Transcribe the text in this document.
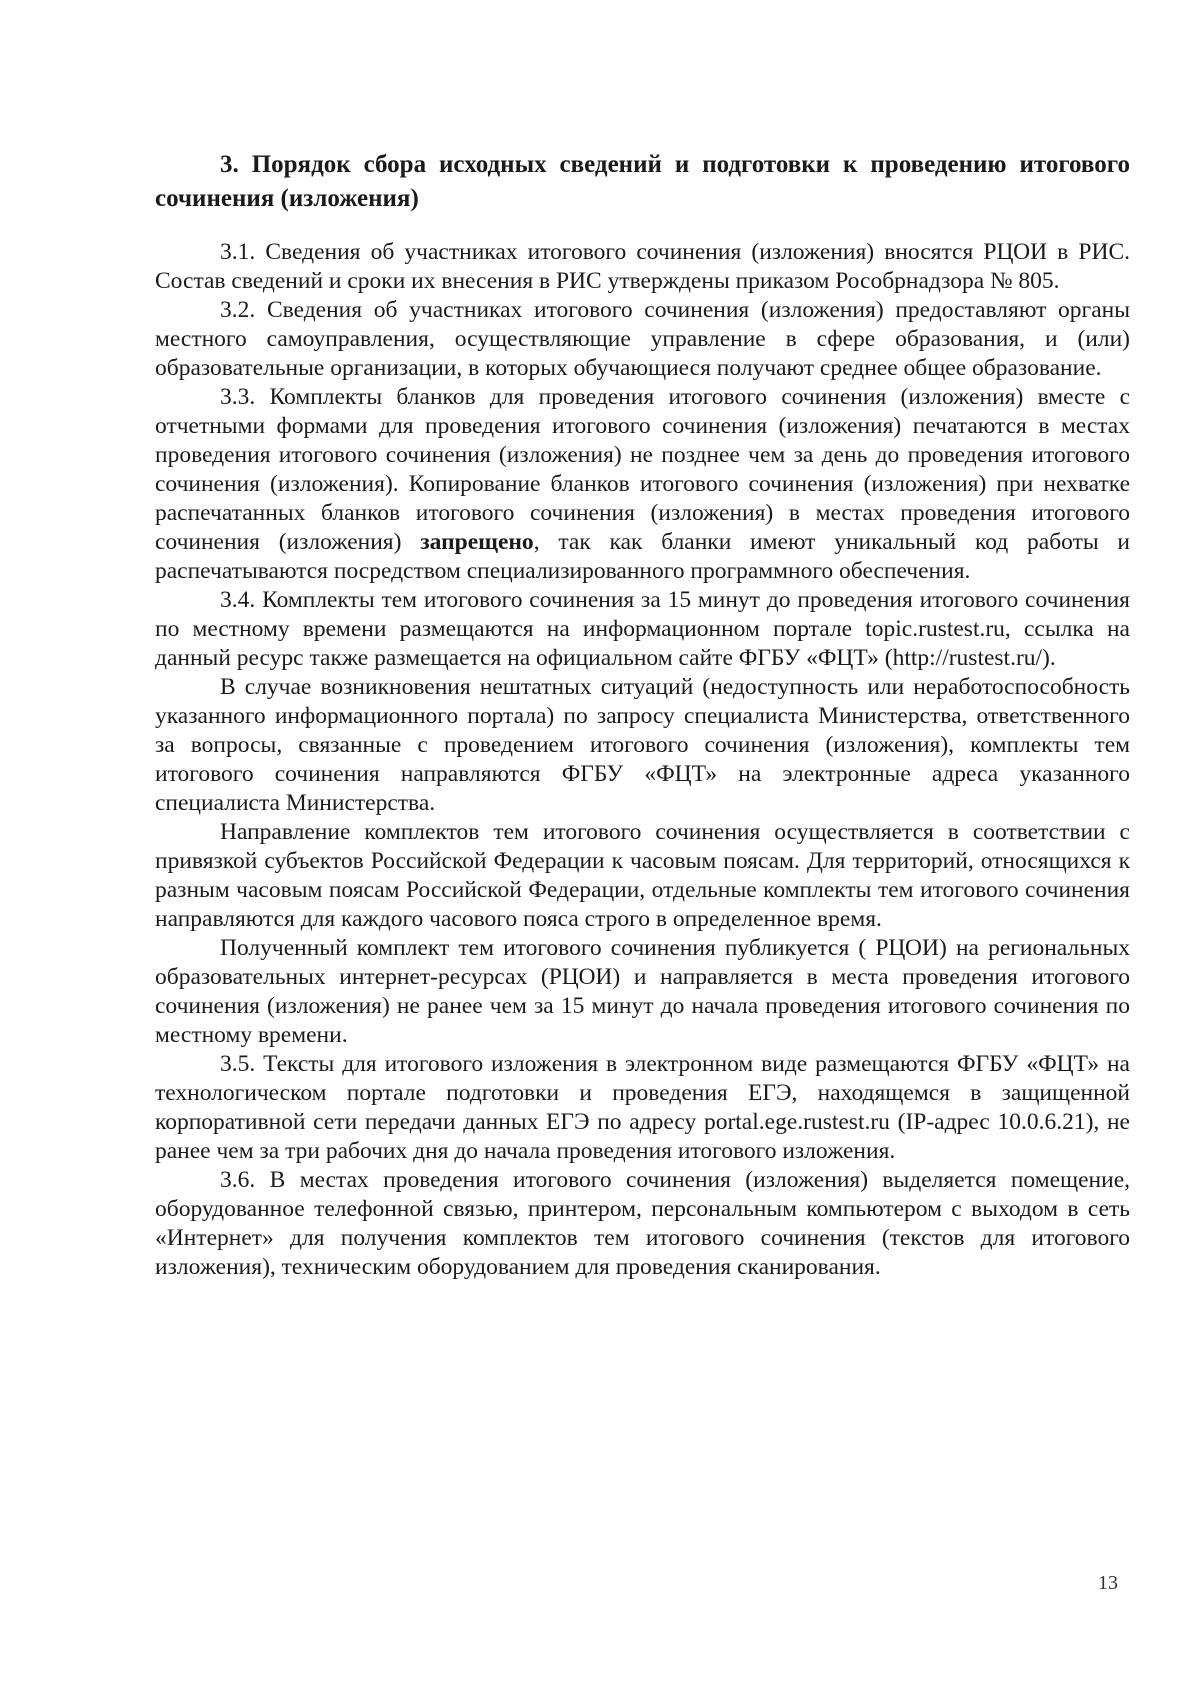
3. Порядок сбора исходных сведений и подготовки к проведению итогового сочинения (изложения)

3.1. Сведения об участниках итогового сочинения (изложения) вносятся РЦОИ в РИС. Состав сведений и сроки их внесения в РИС утверждены приказом Рособрнадзора № 805.

3.2. Сведения об участниках итогового сочинения (изложения) предоставляют органы местного самоуправления, осуществляющие управление в сфере образования, и (или) образовательные организации, в которых обучающиеся получают среднее общее образование.

3.3. Комплекты бланков для проведения итогового сочинения (изложения) вместе с отчетными формами для проведения итогового сочинения (изложения) печатаются в местах проведения итогового сочинения (изложения) не позднее чем за день до проведения итогового сочинения (изложения). Копирование бланков итогового сочинения (изложения) при нехватке распечатанных бланков итогового сочинения (изложения) в местах проведения итогового сочинения (изложения) запрещено, так как бланки имеют уникальный код работы и распечатываются посредством специализированного программного обеспечения.

3.4. Комплекты тем итогового сочинения за 15 минут до проведения итогового сочинения по местному времени размещаются на информационном портале topic.rustest.ru, ссылка на данный ресурс также размещается на официальном сайте ФГБУ «ФЦТ» (http://rustest.ru/).

В случае возникновения нештатных ситуаций (недоступность или неработоспособность указанного информационного портала) по запросу специалиста Министерства, ответственного за вопросы, связанные с проведением итогового сочинения (изложения), комплекты тем итогового сочинения направляются ФГБУ «ФЦТ» на электронные адреса указанного специалиста Министерства.

Направление комплектов тем итогового сочинения осуществляется в соответствии с привязкой субъектов Российской Федерации к часовым поясам. Для территорий, относящихся к разным часовым поясам Российской Федерации, отдельные комплекты тем итогового сочинения направляются для каждого часового пояса строго в определенное время.

Полученный комплект тем итогового сочинения публикуется ( РЦОИ) на региональных образовательных интернет-ресурсах (РЦОИ) и направляется в места проведения итогового сочинения (изложения) не ранее чем за 15 минут до начала проведения итогового сочинения по местному времени.

3.5. Тексты для итогового изложения в электронном виде размещаются ФГБУ «ФЦТ» на технологическом портале подготовки и проведения ЕГЭ, находящемся в защищенной корпоративной сети передачи данных ЕГЭ по адресу portal.ege.rustest.ru (IP-адрес 10.0.6.21), не ранее чем за три рабочих дня до начала проведения итогового изложения.

3.6. В местах проведения итогового сочинения (изложения) выделяется помещение, оборудованное телефонной связью, принтером, персональным компьютером с выходом в сеть «Интернет» для получения комплектов тем итогового сочинения (текстов для итогового изложения), техническим оборудованием для проведения сканирования.

13
